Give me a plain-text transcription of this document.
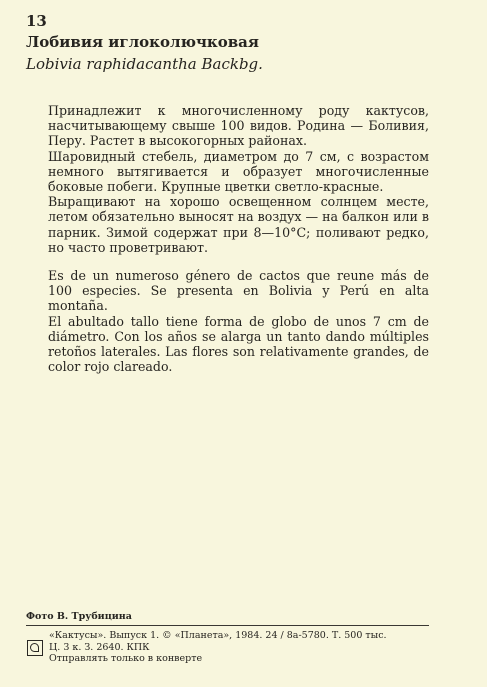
13
Лобивия иглоколючковая
Lobivia raphidacantha Backbg.

Принадлежит к многочисленному роду кактусов, насчитывающему свыше 100 видов. Родина — Боливия, Перу. Растет в высокогорных районах.

Шаровидный стебель, диаметром до 7 см, с возрастом немного вытягивается и образует многочисленные боковые побеги. Крупные цветки светло-красные.

Выращивают на хорошо освещенном солнцем месте, летом обязательно выносят на воздух — на балкон или в парник. Зимой содержат при 8—10°С; поливают редко, но часто проветривают.

Es de un numeroso género de cactos que reune más de 100 especies. Se presenta en Bolivia y Perú en alta montaña.

El abultado tallo tiene forma de globo de unos 7 cm de diámetro. Con los años se alarga un tanto dando múltiples retoños laterales. Las flores son relativamente grandes, de color rojo clareado.

Фото В. Трубицина
«Кактусы». Выпуск 1. © «Планета», 1984. 24 / 8а-5780. Т. 500 тыс.
Ц. 3 к. З. 2640. КПК
Отправлять только в конверте
